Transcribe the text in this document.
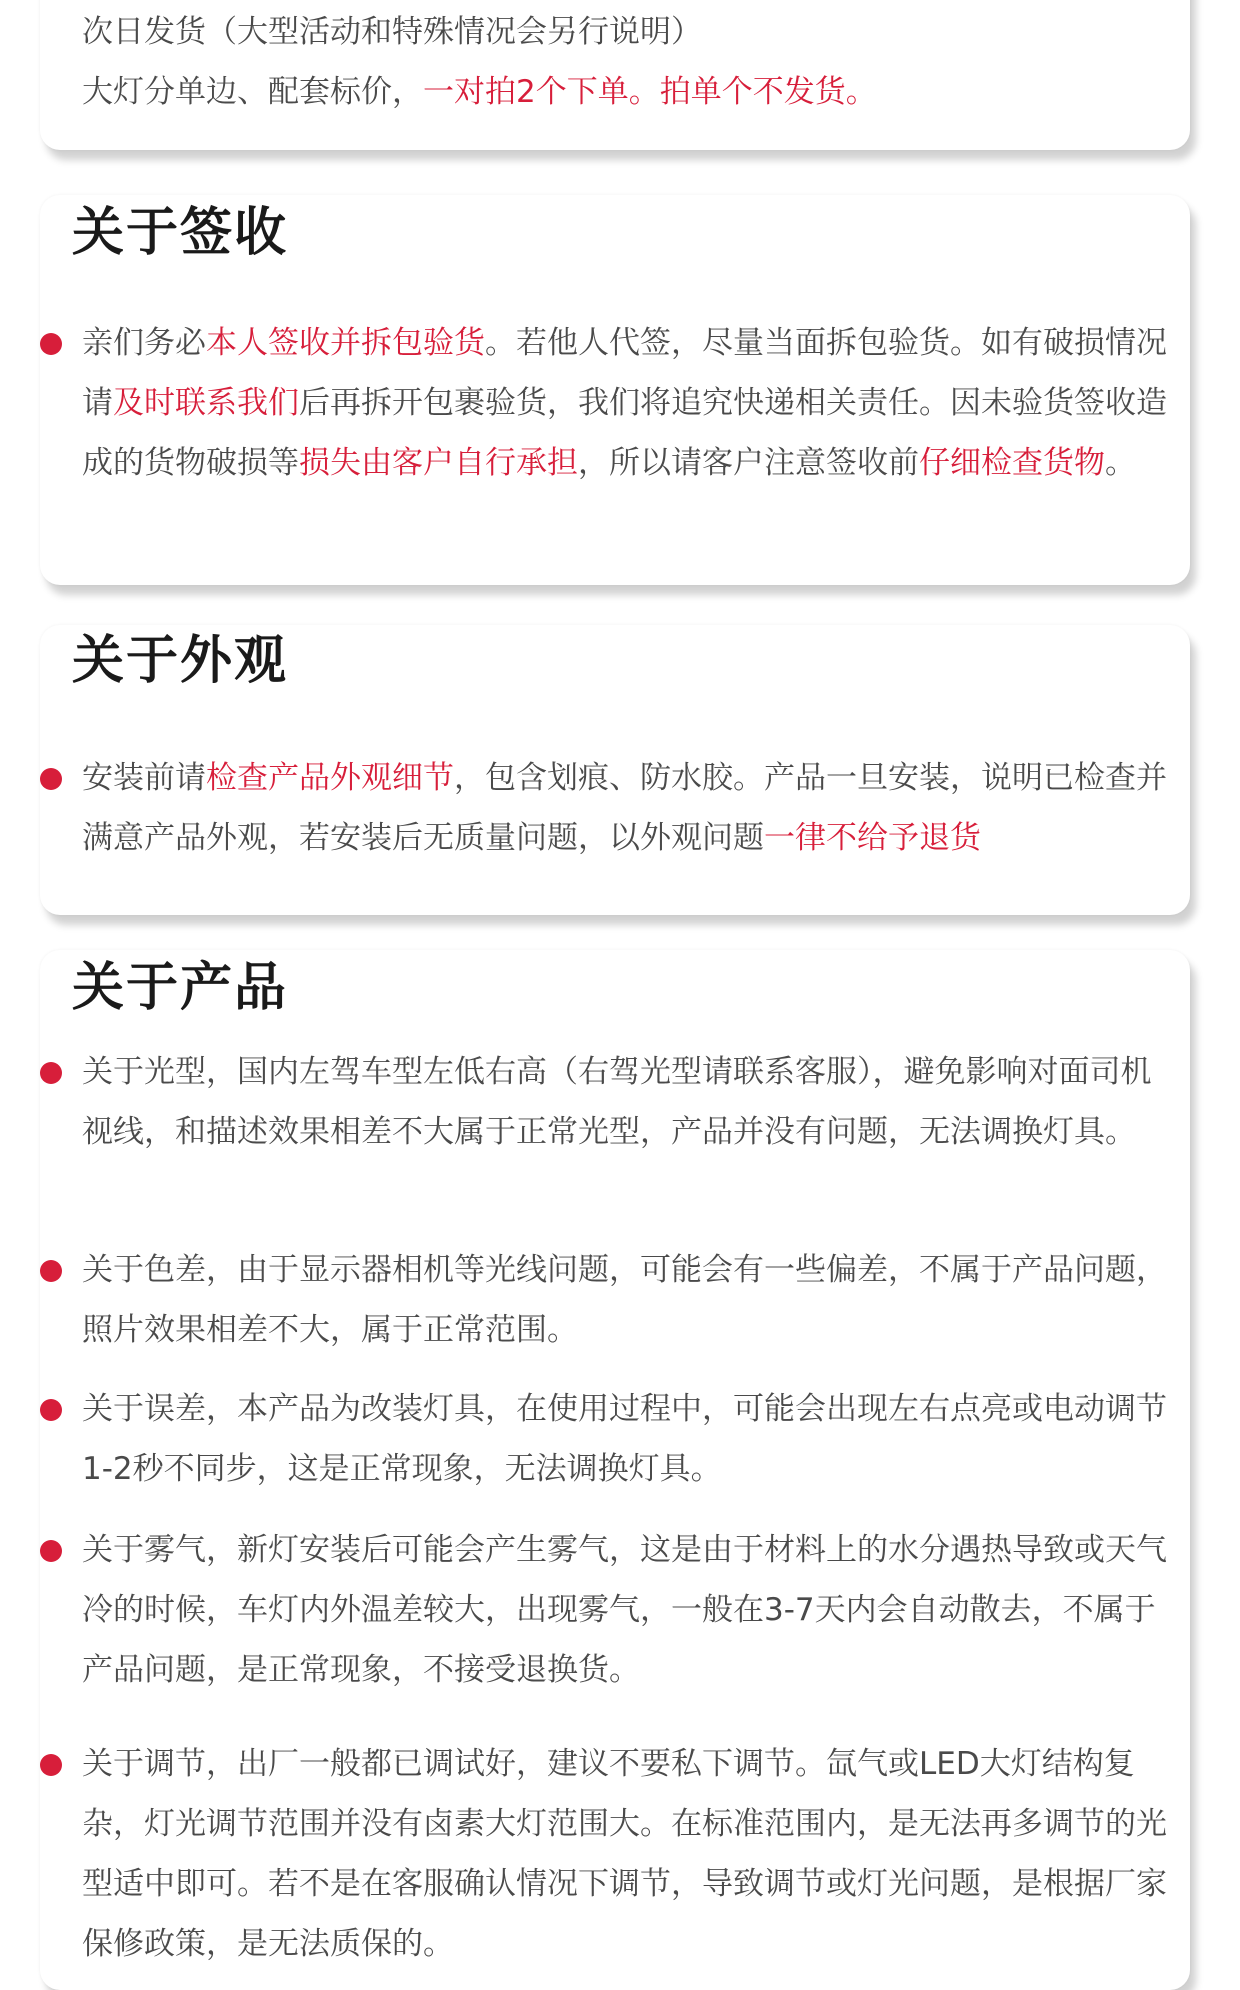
次日发货（大型活动和特殊情况会另行说明）

大灯分单边、配套标价，一对拍2个下单。拍单个不发货。

关于签收

亲们务必本人签收并拆包验货。若他人代签，尽量当面拆包验货。如有破损情况请及时联系我们后再拆开包裹验货，我们将追究快递相关责任。因未验货签收造成的货物破损等损失由客户自行承担，所以请客户注意签收前仔细检查货物。

关于外观

安装前请检查产品外观细节，包含划痕、防水胶。产品一旦安装，说明已检查并满意产品外观，若安装后无质量问题，以外观问题一律不给予退货

关于产品

关于光型，国内左驾车型左低右高（右驾光型请联系客服），避免影响对面司机视线，和描述效果相差不大属于正常光型，产品并没有问题，无法调换灯具。

关于色差，由于显示器相机等光线问题，可能会有一些偏差，不属于产品问题，照片效果相差不大，属于正常范围。

关于误差，本产品为改装灯具，在使用过程中，可能会出现左右点亮或电动调节1-2秒不同步，这是正常现象，无法调换灯具。

关于雾气，新灯安装后可能会产生雾气，这是由于材料上的水分遇热导致或天气冷的时候，车灯内外温差较大，出现雾气，一般在3-7天内会自动散去，不属于产品问题，是正常现象，不接受退换货。

关于调节，出厂一般都已调试好，建议不要私下调节。氙气或LED大灯结构复杂，灯光调节范围并没有卤素大灯范围大。在标准范围内，是无法再多调节的光型适中即可。若不是在客服确认情况下调节，导致调节或灯光问题，是根据厂家保修政策，是无法质保的。
